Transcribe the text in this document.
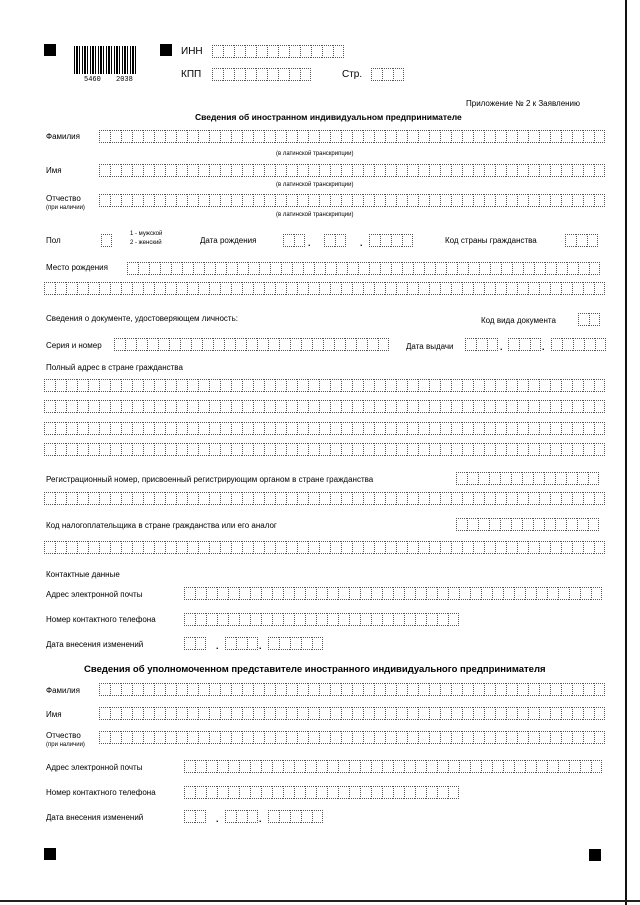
5460 2038
ИНН
КПП	Стр.
Приложение № 2 к Заявлению
Сведения об иностранном индивидуальном предпринимателе
Фамилия
(в латинской транскрипции)
Имя
(в латинской транскрипции)
Отчество
(при наличии)
(в латинской транскрипции)
Пол
1 - мужской
2 - женский	Дата рождения	.	.	Код страны гражданства
Место рождения
Сведения о документе, удостоверяющем личность:	Код вида документа
Серия и номер	Дата выдачи	.	.
Полный адрес в стране гражданства
Регистрационный номер, присвоенный регистрирующим органом в стране гражданства
Код налогоплательщика в стране гражданства или его аналог
Контактные данные
Адрес электронной почты
Номер контактного телефона
Дата внесения изменений	.	.
Сведения об уполномоченном представителе иностранного индивидуального предпринимателя
Фамилия
Имя
Отчество
(при наличии)
Адрес электронной почты
Номер контактного телефона
Дата внесения изменений	.	.
